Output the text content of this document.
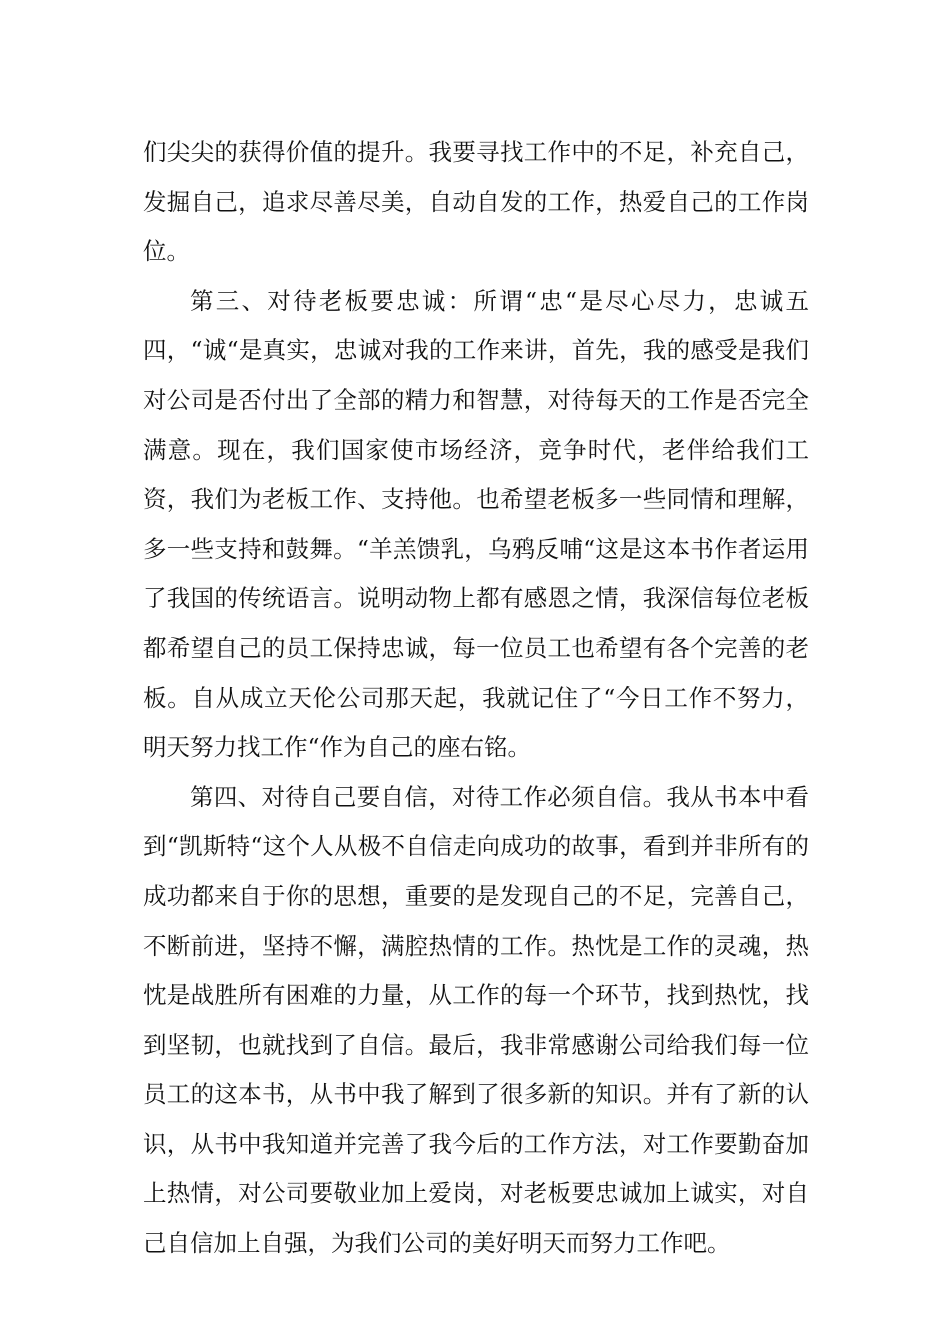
们尖尖的获得价值的提升。我要寻找工作中的不足，补充自己，发掘自己，追求尽善尽美，自动自发的工作，热爱自己的工作岗位。

第三、对待老板要忠诚：所谓“忠“是尽心尽力，忠诚五四，“诚“是真实，忠诚对我的工作来讲，首先，我的感受是我们对公司是否付出了全部的精力和智慧，对待每天的工作是否完全满意。现在，我们国家使市场经济，竞争时代，老伴给我们工资，我们为老板工作、支持他。也希望老板多一些同情和理解，多一些支持和鼓舞。“羊羔馈乳，乌鸦反哺“这是这本书作者运用了我国的传统语言。说明动物上都有感恩之情，我深信每位老板都希望自己的员工保持忠诚，每一位员工也希望有各个完善的老板。自从成立天伦公司那天起，我就记住了“今日工作不努力，明天努力找工作“作为自己的座右铭。

第四、对待自己要自信，对待工作必须自信。我从书本中看到“凯斯特“这个人从极不自信走向成功的故事，看到并非所有的成功都来自于你的思想，重要的是发现自己的不足，完善自己，不断前进，坚持不懈，满腔热情的工作。热忱是工作的灵魂，热忱是战胜所有困难的力量，从工作的每一个环节，找到热忱，找到坚韧，也就找到了自信。最后，我非常感谢公司给我们每一位员工的这本书，从书中我了解到了很多新的知识。并有了新的认识，从书中我知道并完善了我今后的工作方法，对工作要勤奋加上热情，对公司要敬业加上爱岗，对老板要忠诚加上诚实，对自己自信加上自强，为我们公司的美好明天而努力工作吧。
